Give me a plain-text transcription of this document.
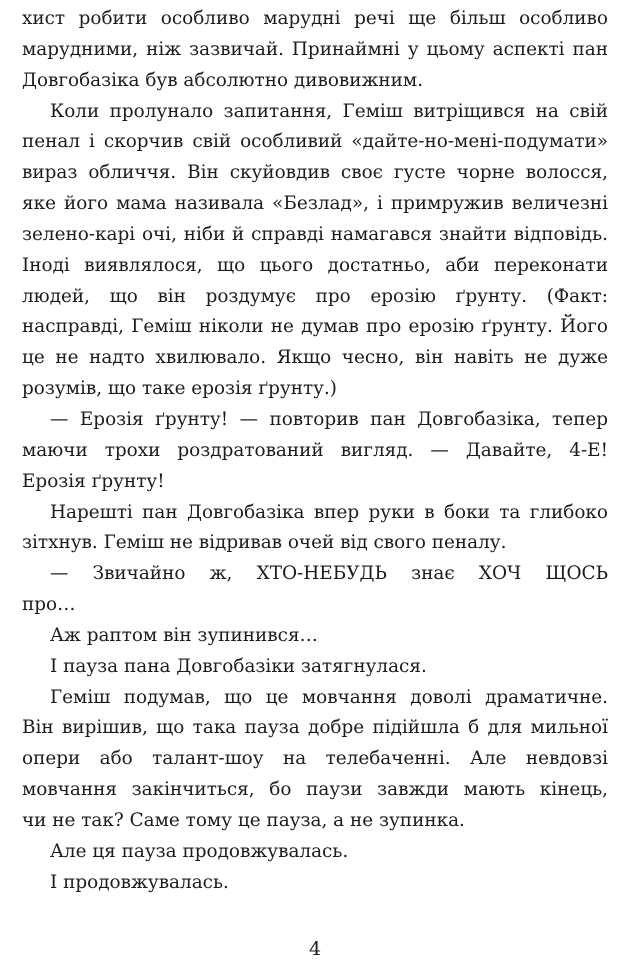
хист робити особливо марудні речі ще більш особливо
марудними, ніж зазвичай. Принаймні у цьому аспекті пан
Довгобазіка був абсолютно дивовижним.
Коли пролунало запитання, Геміш витріщився на свій
пенал і скорчив свій особливий «дайте-но-мені-подумати»
вираз обличчя. Він скуйовдив своє густе чорне волосся,
яке його мама називала «Безлад», і примружив величезні
зелено-карі очі, ніби й справді намагався знайти відповідь.
Іноді виявлялося, що цього достатньо, аби переконати
людей, що він роздумує про ерозію ґрунту. (Факт:
насправді, Геміш ніколи не думав про ерозію ґрунту. Його
це не надто хвилювало. Якщо чесно, він навіть не дуже
розумів, що таке ерозія ґрунту.)
— Ерозія ґрунту! — повторив пан Довгобазіка, тепер
маючи трохи роздратований вигляд. — Давайте, 4-Е!
Ерозія ґрунту!
Нарешті пан Довгобазіка впер руки в боки та глибоко
зітхнув. Геміш не відривав очей від свого пеналу.
— Звичайно ж, ХТО-НЕБУДЬ знає ХОЧ ЩОСЬ
про…
Аж раптом він зупинився…
І пауза пана Довгобазіки затягнулася.
Геміш подумав, що це мовчання доволі драматичне.
Він вирішив, що така пауза добре підійшла б для мильної
опери або талант-шоу на телебаченні. Але невдовзі
мовчання закінчиться, бо паузи завжди мають кінець,
чи не так? Саме тому це пауза, а не зупинка.
Але ця пауза продовжувалась.
І продовжувалась.
4
